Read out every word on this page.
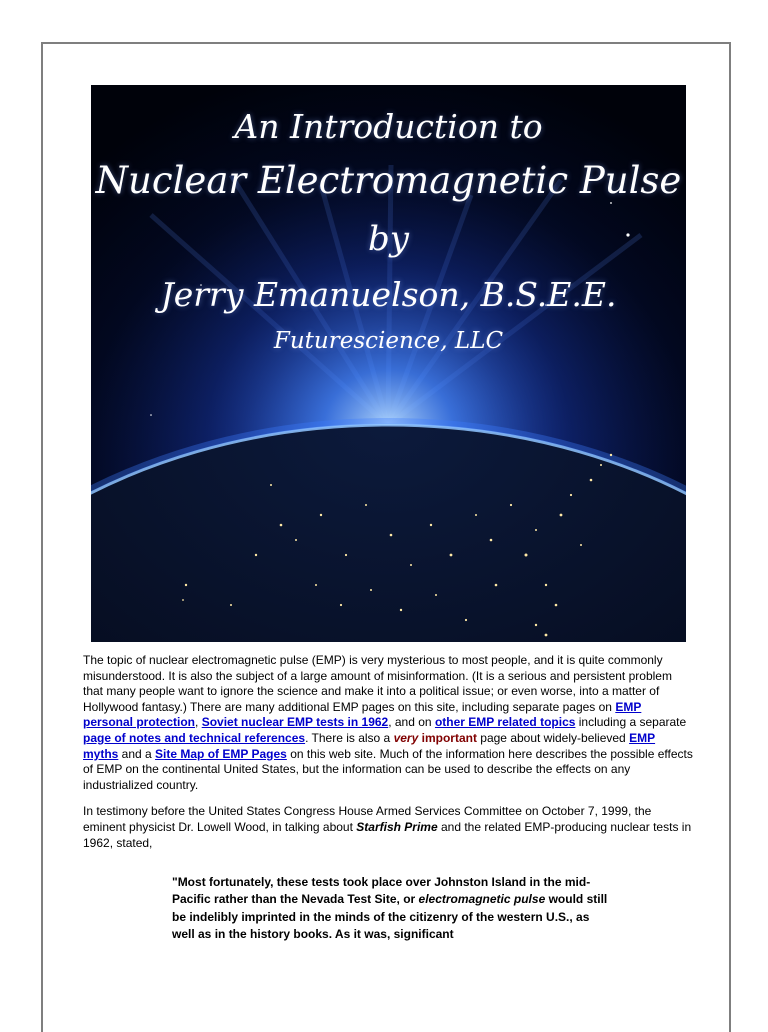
An Introduction to
Nuclear Electromagnetic Pulse
by
Jerry Emanuelson, B.S.E.E.
Futurescience, LLC

The topic of nuclear electromagnetic pulse (EMP) is very mysterious to most people, and it is quite commonly misunderstood. It is also the subject of a large amount of misinformation. (It is a serious and persistent problem that many people want to ignore the science and make it into a political issue; or even worse, into a matter of Hollywood fantasy.) There are many additional EMP pages on this site, including separate pages on EMP personal protection, Soviet nuclear EMP tests in 1962, and on other EMP related topics including a separate page of notes and technical references. There is also a very important page about widely-believed EMP myths and a Site Map of EMP Pages on this web site. Much of the information here describes the possible effects of EMP on the continental United States, but the information can be used to describe the effects on any industrialized country.

In testimony before the United States Congress House Armed Services Committee on October 7, 1999, the eminent physicist Dr. Lowell Wood, in talking about Starfish Prime and the related EMP-producing nuclear tests in 1962, stated,

"Most fortunately, these tests took place over Johnston Island in the mid-Pacific rather than the Nevada Test Site, or electromagnetic pulse would still be indelibly imprinted in the minds of the citizenry of the western U.S., as well as in the history books. As it was, significant
